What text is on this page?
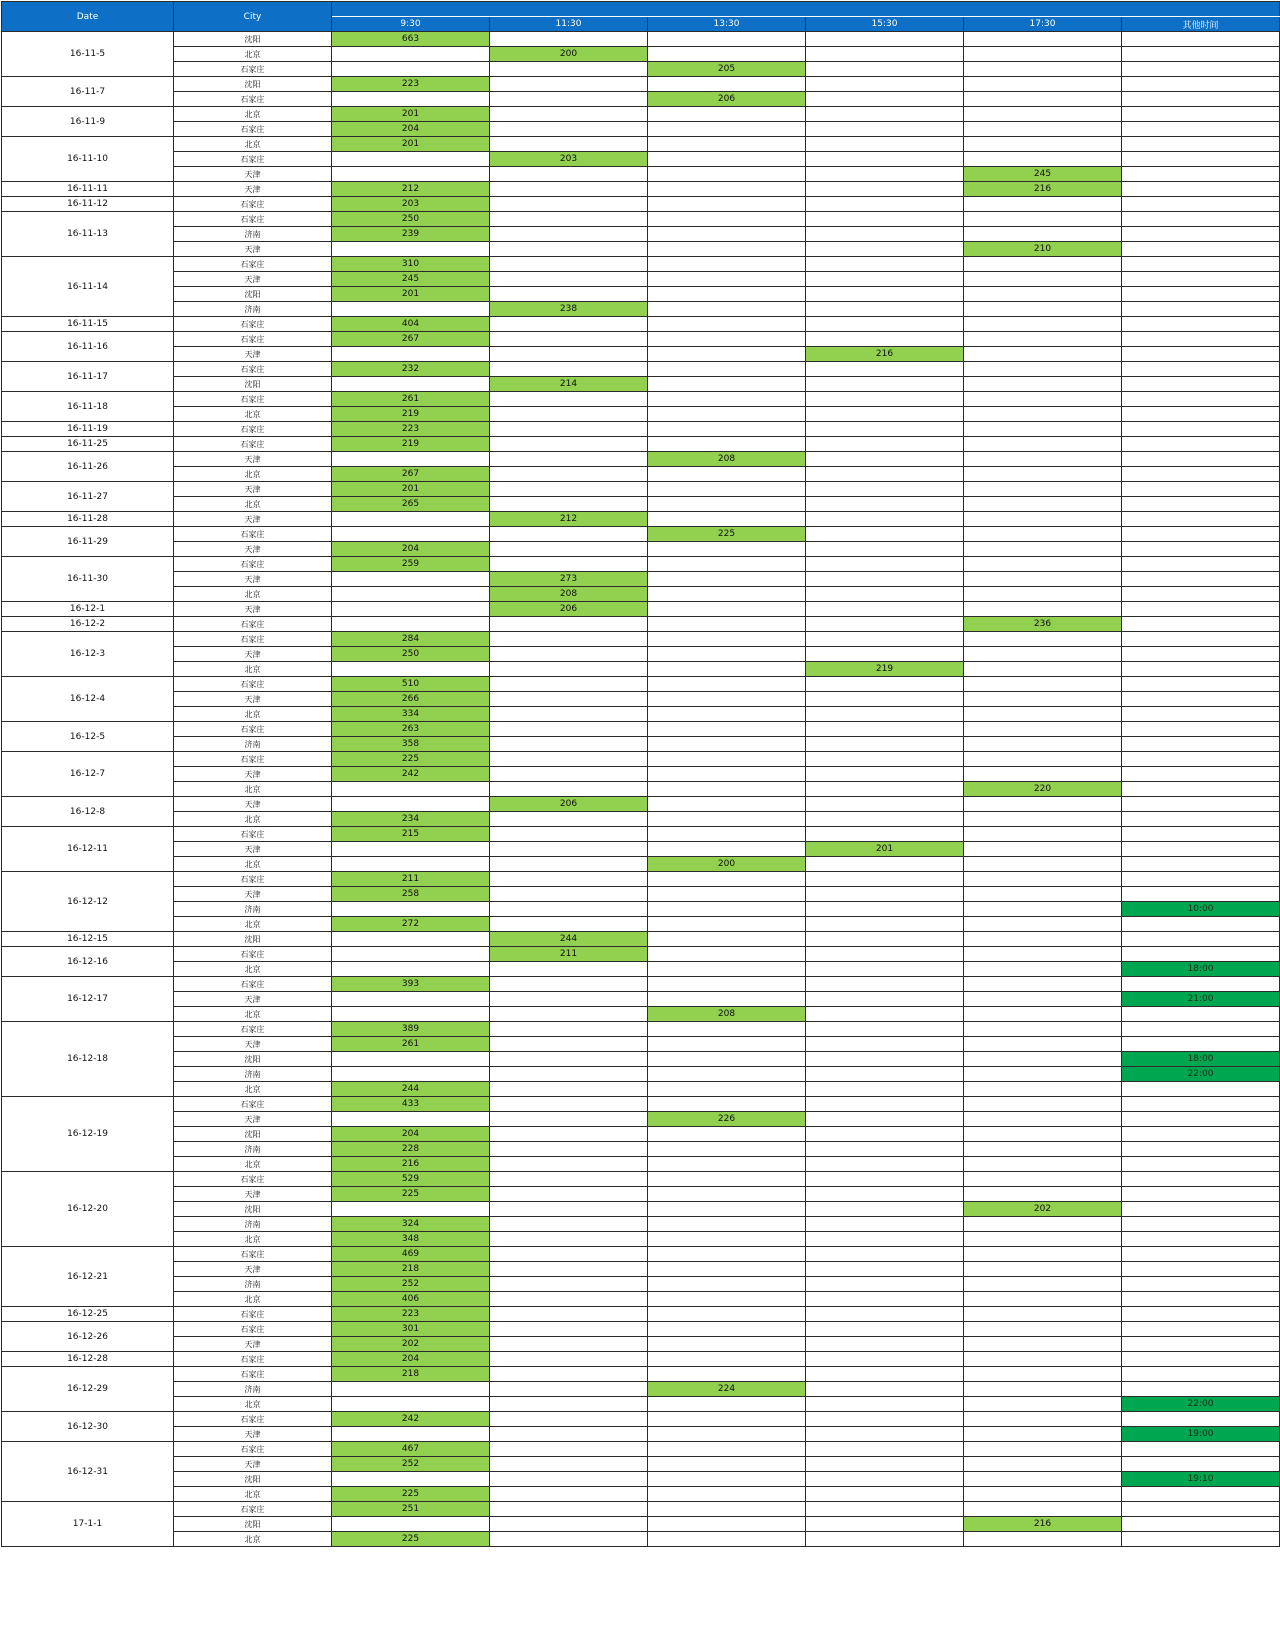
Date	City						
		9:30	11:30	13:30	15:30	17:30	其他时间
16-11-5	沈阳	663					
	北京		200				
	石家庄			205			
16-11-7	沈阳	223					
	石家庄			206			
16-11-9	北京	201					
	石家庄	204					
16-11-10	北京	201					
	石家庄		203				
	天津					245	
16-11-11	天津	212				216	
16-11-12	石家庄	203					
16-11-13	石家庄	250					
	济南	239					
	天津					210	
16-11-14	石家庄	310					
	天津	245					
	沈阳	201					
	济南		238				
16-11-15	石家庄	404					
16-11-16	石家庄	267					
	天津				216		
16-11-17	石家庄	232					
	沈阳		214				
16-11-18	石家庄	261					
	北京	219					
16-11-19	石家庄	223					
16-11-25	石家庄	219					
16-11-26	天津			208			
	北京	267					
16-11-27	天津	201					
	北京	265					
16-11-28	天津		212				
16-11-29	石家庄			225			
	天津	204					
16-11-30	石家庄	259					
	天津		273				
	北京		208				
16-12-1	天津		206				
16-12-2	石家庄					236	
16-12-3	石家庄	284					
	天津	250					
	北京				219		
16-12-4	石家庄	510					
	天津	266					
	北京	334					
16-12-5	石家庄	263					
	济南	358					
16-12-7	石家庄	225					
	天津	242					
	北京					220	
16-12-8	天津		206				
	北京	234					
16-12-11	石家庄	215					
	天津				201		
	北京			200			
16-12-12	石家庄	211					
	天津	258					
	济南						10:00
	北京	272					
16-12-15	沈阳		244				
16-12-16	石家庄		211				
	北京						18:00
16-12-17	石家庄	393					
	天津						21:00
	北京			208			
16-12-18	石家庄	389					
	天津	261					
	沈阳						18:00
	济南						22:00
	北京	244					
16-12-19	石家庄	433					
	天津			226			
	沈阳	204					
	济南	228					
	北京	216					
16-12-20	石家庄	529					
	天津	225					
	沈阳					202	
	济南	324					
	北京	348					
16-12-21	石家庄	469					
	天津	218					
	济南	252					
	北京	406					
16-12-25	石家庄	223					
16-12-26	石家庄	301					
	天津	202					
16-12-28	石家庄	204					
16-12-29	石家庄	218					
	济南			224			
	北京						22:00
16-12-30	石家庄	242					
	天津						19:00
16-12-31	石家庄	467					
	天津	252					
	沈阳						19:10
	北京	225					
17-1-1	石家庄	251					
	沈阳					216	
	北京	225					
